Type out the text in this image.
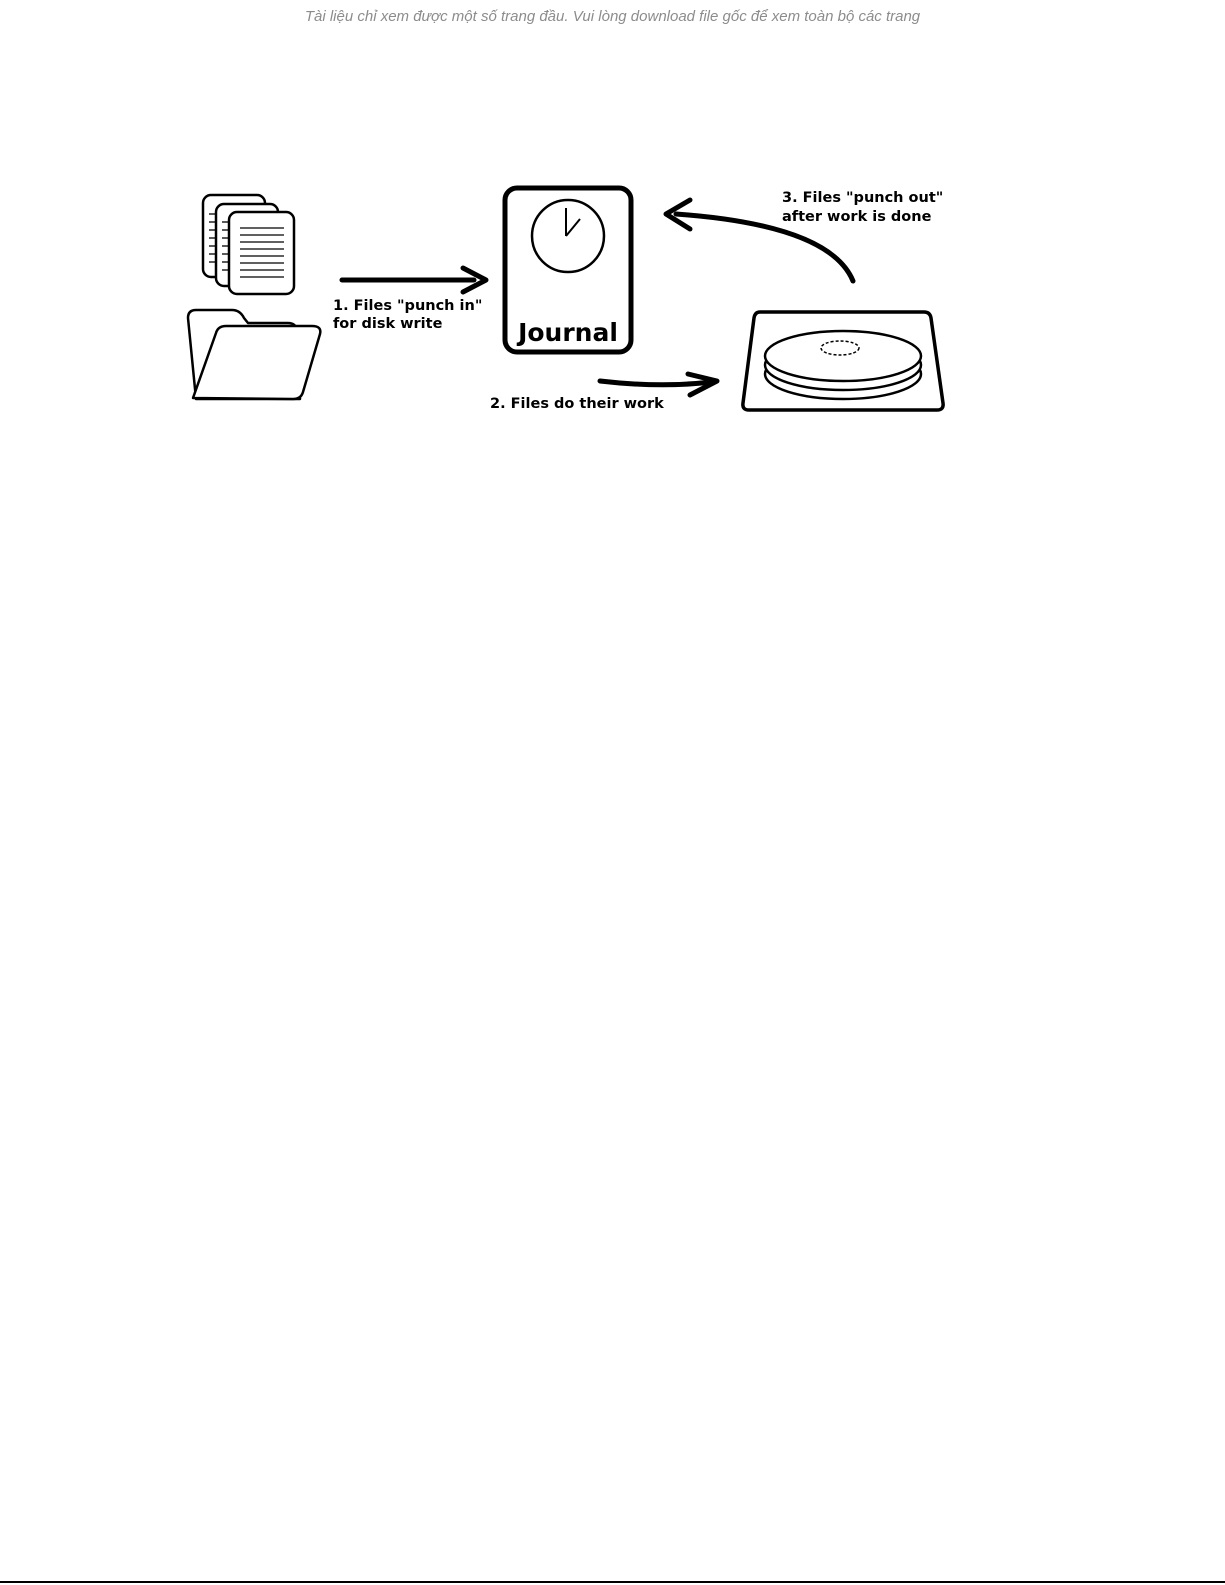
Tài liệu chỉ xem được một số trang đầu. Vui lòng download file gốc để xem toàn bộ các trang
1. Files "punch in"
for disk write	Journal
2. Files do their work
3. Files "punch out"
after work is done
